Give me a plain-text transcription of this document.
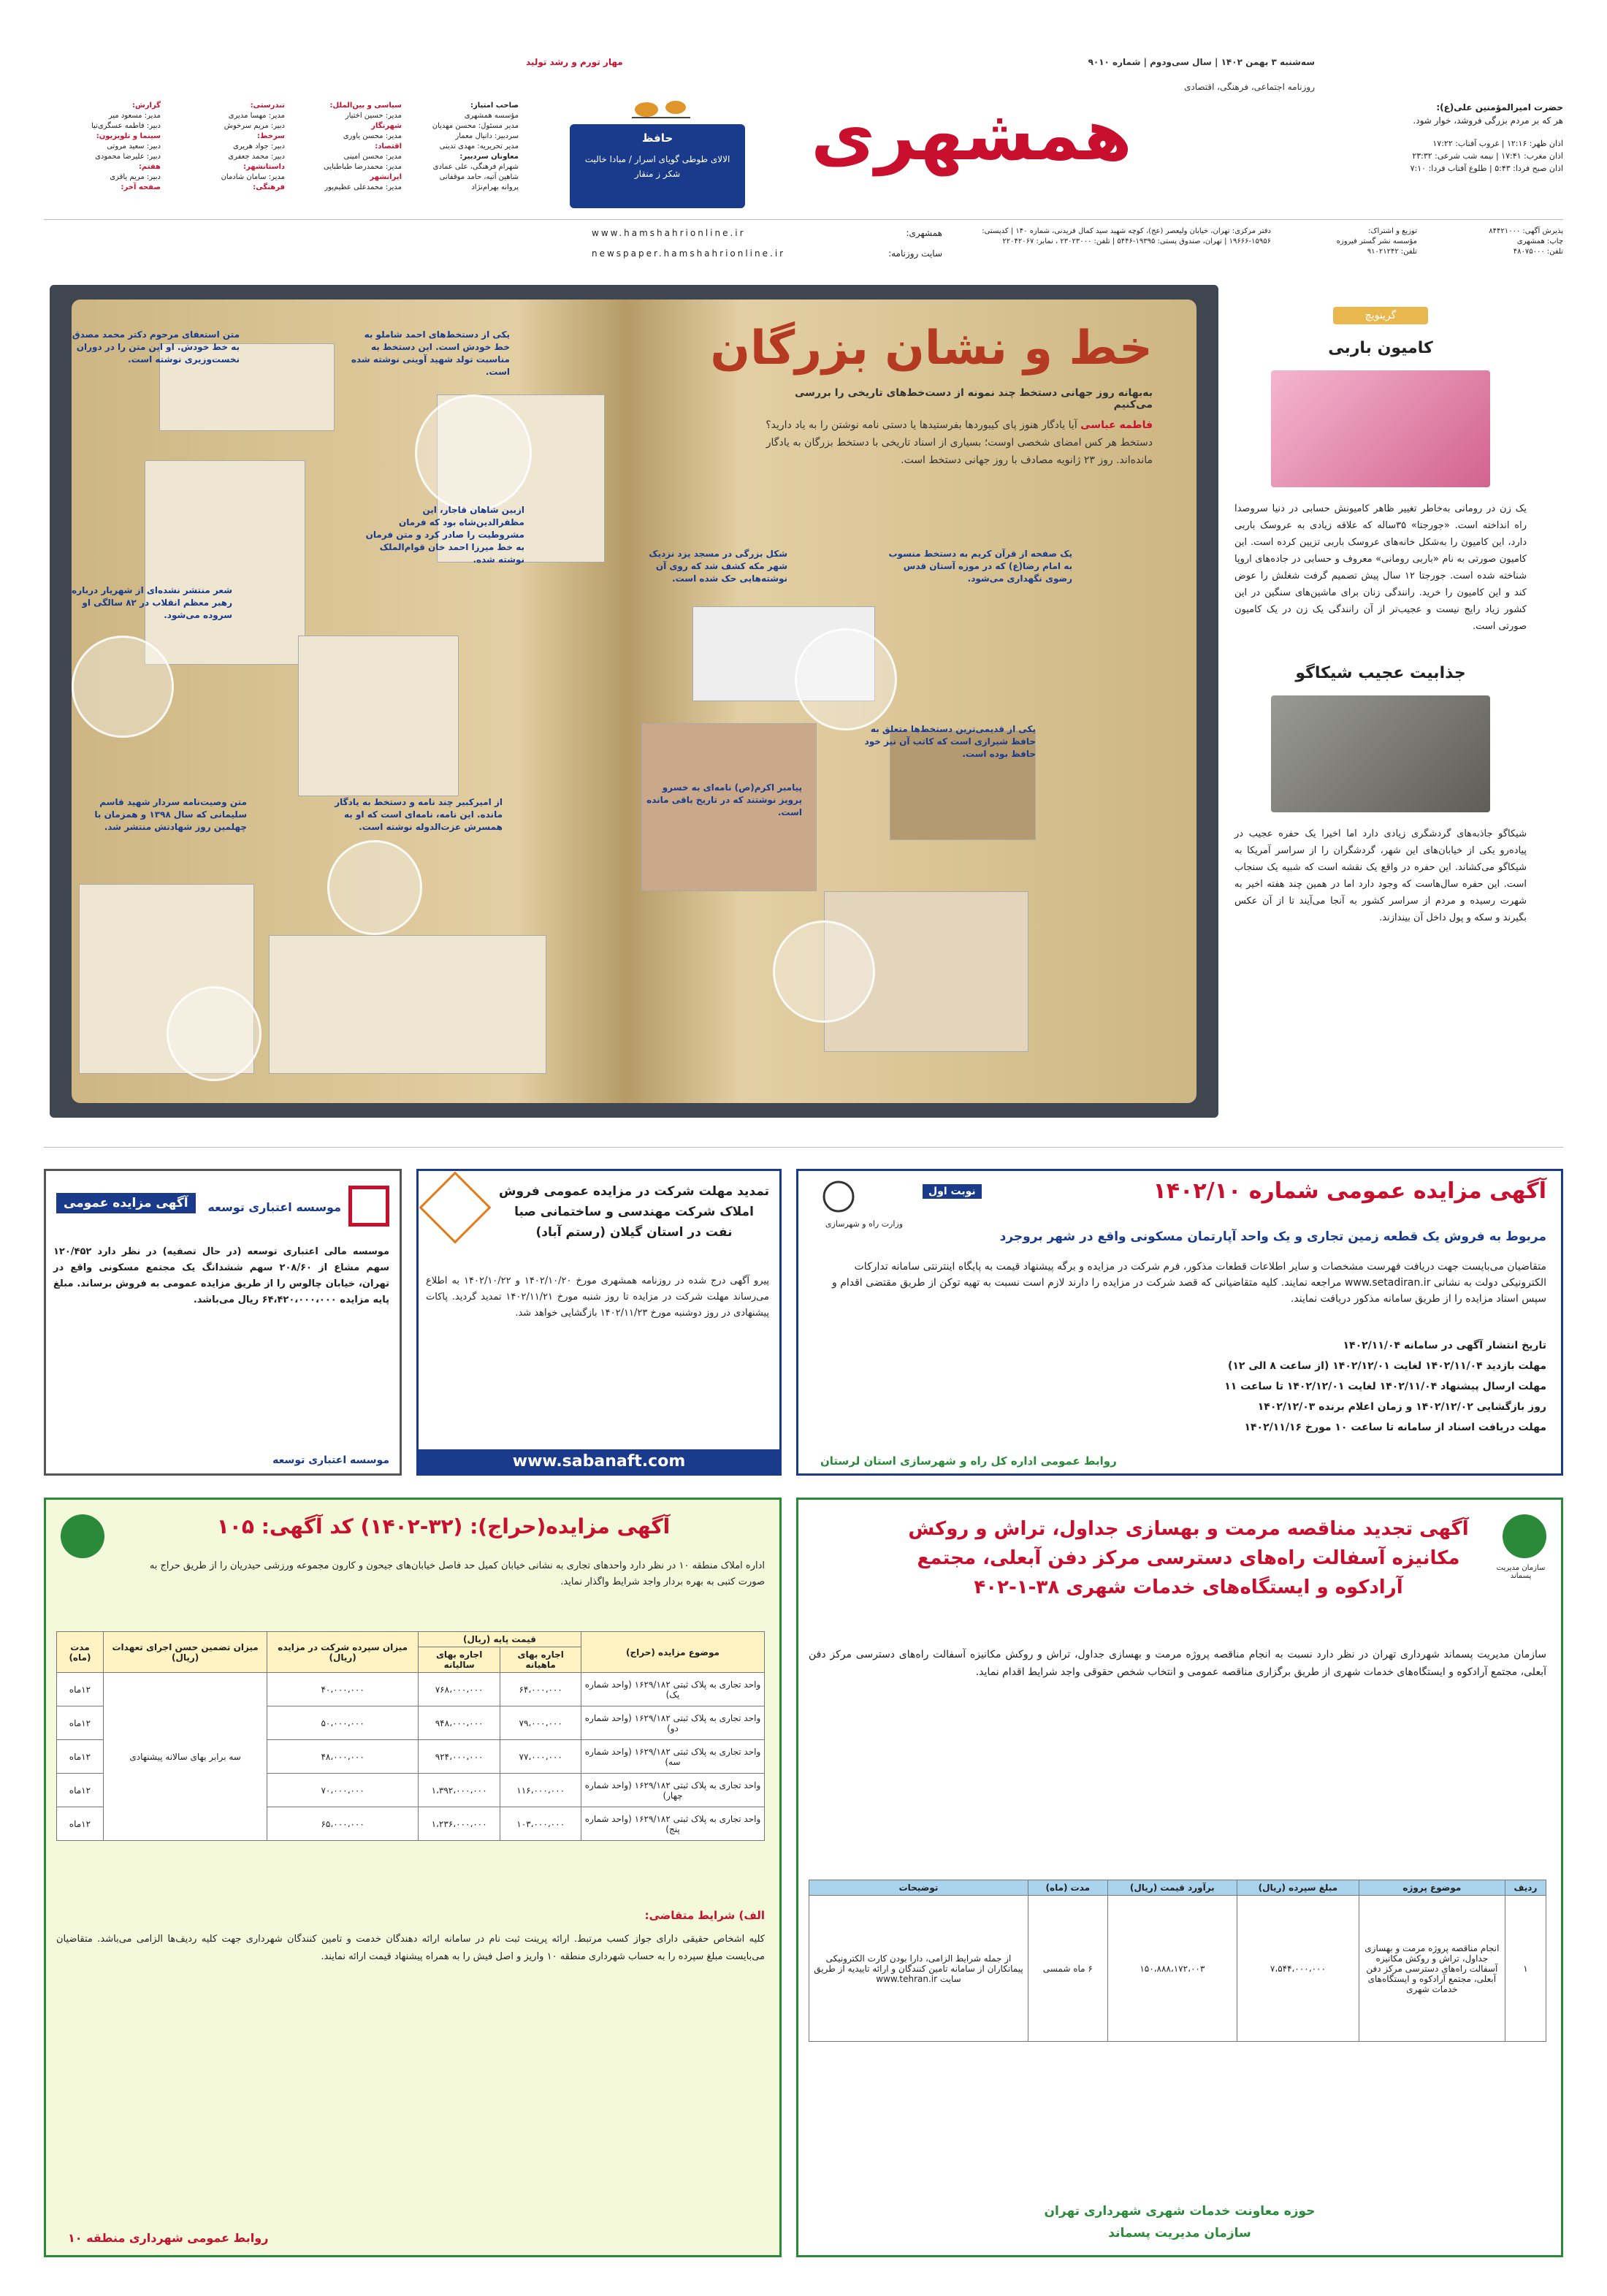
روزنامه اجتماعی، فرهنگی، اقتصادی
سه‌شنبه ۳ بهمن ۱۴۰۲ | سال سی‌ودوم | شماره ۹۰۱۰
مهار تورم و رشد تولید
همشهری
حافظ
الالای طوطی گویای اسرار / مبادا خالیت شکر ز منقار
حضرت امیرالمؤمنین علی(ع):
هر که بر مردم بزرگی فروشد، خوار شود.
اذان ظهر: ۱۲:۱۶ | غروب آفتاب: ۱۷:۲۲
اذان مغرب: ۱۷:۴۱ | نیمه شب شرعی: ۲۳:۳۲
اذان صبح فردا: ۵:۴۳ | طلوع آفتاب فردا: ۷:۱۰
صاحب امتیاز:
مؤسسه همشهری
مدیر مسئول: محسن مهدیان
سردبیر: دانیال معمار
مدیر تحریریه: مهدی تدینی
معاونان سردبیر:
شهرام فرهنگی، علی عمادی
شاهین آتیه، حامد موقفانی
پروانه بهرام‌نژاد
سیاسی و بین‌الملل:
مدیر: حسین اختیار
شهرنگار
مدیر: محسن یاوری
اقتصاد:
مدیر: محسن امینی
مدیر: محمدرضا طباطبایی
ایرانشهر
مدیر: محمدعلی عظیم‌پور
تندرستی:
مدیر: مهسا مدیری
دبیر: مریم سرخوش
سرخط:
دبیر: جواد هریری
دبیر: محمد جعفری
داستانشهر:
مدیر: سامان شادمان
فرهنگی:
گزارش:
مدیر: مسعود میر
دبیر: فاطمه عسگری‌نیا
سینما و تلویزیون:
دبیر: سعید مروتی
دبیر: علیرضا محمودی
هفتم:
دبیر: مریم یاقری
صفحه آخر:
پذیرش آگهی: ۸۴۴۲۱۰۰۰
چاپ: همشهری
تلفن: ۴۸۰۷۵۰۰۰
توزیع و اشتراک:
مؤسسه نشر گستر فیروزه
تلفن: ۹۱۰۲۱۲۴۲
دفتر مرکزی: تهران، خیابان ولیعصر (عج)، کوچه شهید سید کمال فریدنی، شماره ۱۴۰ | کدپستی: ۱۵۹۵۶-۱۹۶۶۶ | تهران، صندوق پستی: ۱۹۳۹۵-۵۴۴۶ | تلفن: ۲۳۰۲۳۰۰۰ ، نمابر: ۲۲۰۴۲۰۶۷
همشهری:
www.hamshahrionline.ir
سایت روزنامه:
newspaper.hamshahrionline.ir
خط و نشان بزرگان
به‌بهانه روز جهانی دستخط چند نمونه از دست‌خط‌های تاریخی را بررسی می‌کنیم
فاطمه عباسی آیا یادگار هنوز پای کیبورد‌ها بفرستید‌ها یا دستی نامه نوشتن را به یاد دارید؟ دستخط هر کس امضای شخصی اوست؛ بسیاری از اسناد تاریخی با دستخط بزرگان به یادگار مانده‌اند. روز ۲۳ ژانویه مصادف با روز جهانی دستخط است.
متن استعفای مرحوم دکتر محمد مصدق به خط خودش. او این متن را در دوران نخست‌وزیری نوشته است.
یکی از دستخط‌های احمد شاملو به خط خودش است. این دستخط به مناسبت تولد شهید آوینی نوشته شده است.
ازبین شاهان قاجار، این مظفرالدین‌شاه بود که فرمان مشروطیت را صادر کرد و متن فرمان به خط میرزا احمد خان قوام‌الملک نوشته شده.
شعر منتشر نشده‌ای از شهریار درباره رهبر معظم انقلاب در ۸۲ سالگی او سروده می‌شود.
متن وصیت‌نامه سردار شهید قاسم سلیمانی که سال ۱۳۹۸ و همزمان با چهلمین روز شهادتش منتشر شد.
شکل بزرگی در مسجد یزد نزدیک شهر مکه کشف شد که روی آن نوشته‌هایی حک شده است.
یک صفحه از قرآن کریم به دستخط منسوب به امام رضا(ع) که در موزه آستان قدس رضوی نگهداری می‌شود.
پیامبر اکرم(ص) نامه‌ای به خسرو پرویز نوشتند که در تاریخ باقی مانده است.
از امیرکبیر چند نامه و دستخط به یادگار مانده. این نامه، نامه‌ای است که او به همسرش عزت‌الدوله نوشته است.
یکی از قدیمی‌ترین دستخط‌ها متعلق به حافظ شیرازی است که کاتب آن نیز خود حافظ بوده است.
گرینویچ
کامیون باربی
یک زن در رومانی به‌خاطر تغییر ظاهر کامیونش حسابی در دنیا سروصدا راه انداخته است. «جورجتا» ۳۵ساله که علاقه زیادی به عروسک باربی دارد، این کامیون را به‌شکل خانه‌های عروسک باربی تزیین کرده است. این کامیون صورتی به نام «باربی رومانی» معروف و حسابی در جاده‌های اروپا شناخته شده است. جورجتا ۱۲ سال پیش تصمیم گرفت شغلش را عوض کند و این کامیون را خرید. رانندگی زنان برای ماشین‌های سنگین در این کشور زیاد رایج نیست و عجیب‌تر از آن رانندگی یک زن در یک کامیون صورتی است.
جذابیت عجیب شیکاگو
شیکاگو جاذبه‌های گردشگری زیادی دارد اما اخیرا یک حفره عجیب در پیاده‌رو یکی از خیابان‌های این شهر، گردشگران را از سراسر آمریکا به شیکاگو می‌کشاند. این حفره در واقع یک نقشه است که شبیه یک سنجاب است. این حفره سال‌هاست که وجود دارد اما در همین چند هفته اخیر به شهرت رسیده و مردم از سراسر کشور به آنجا می‌آیند تا از آن عکس بگیرند و سکه و پول داخل آن بیندازند.
آگهی مزایده عمومی شماره ۱۴۰۲/۱۰
نوبت اول
وزارت راه و شهرسازی
مربوط به فروش یک قطعه زمین تجاری و یک واحد آپارتمان مسکونی واقع در شهر بروجرد
متقاضیان می‌بایست جهت دریافت فهرست مشخصات و سایر اطلاعات قطعات مذکور، فرم شرکت در مزایده و برگه پیشنهاد قیمت به پایگاه اینترنتی سامانه تدارکات الکترونیکی دولت به نشانی www.setadiran.ir مراجعه نمایند. کلیه متقاضیانی که قصد شرکت در مزایده را دارند لازم است نسبت به تهیه توکن از طریق مقتضی اقدام و سپس اسناد مزایده را از طریق سامانه مذکور دریافت نمایند.
تاریخ انتشار آگهی در سامانه ۱۴۰۲/۱۱/۰۴
مهلت بازدید ۱۴۰۲/۱۱/۰۴ لغایت ۱۴۰۲/۱۲/۰۱ (از ساعت ۸ الی ۱۲)
مهلت ارسال پیشنهاد ۱۴۰۲/۱۱/۰۴ لغایت ۱۴۰۲/۱۲/۰۱ تا ساعت ۱۱
روز بازگشایی ۱۴۰۲/۱۲/۰۲ و زمان اعلام برنده ۱۴۰۲/۱۲/۰۳
مهلت دریافت اسناد از سامانه تا ساعت ۱۰ مورخ ۱۴۰۲/۱۱/۱۶
روابط عمومی اداره کل راه و شهرسازی استان لرستان
تمدید مهلت شرکت در مزایده عمومی فروش املاک شرکت مهندسی و ساختمانی صبا نفت در استان گیلان (رستم آباد)
پیرو آگهی درج شده در روزنامه همشهری مورخ ۱۴۰۲/۱۰/۲۰ و ۱۴۰۲/۱۰/۲۲ به اطلاع می‌رساند مهلت شرکت در مزایده تا روز شنبه مورخ ۱۴۰۲/۱۱/۲۱ تمدید گردید. پاکات پیشنهادی در روز دوشنبه مورخ ۱۴۰۲/۱۱/۲۳ بازگشایی خواهد شد.
www.sabanaft.com
آگهی مزایده عمومی	موسسه اعتباری توسعه
موسسه مالی اعتباری توسعه (در حال تصفیه) در نظر دارد ۱۲۰/۴۵۲ سهم مشاع از ۲۰۸/۶۰ سهم ششدانگ یک مجتمع مسکونی واقع در تهران، خیابان چالوس را از طریق مزایده عمومی به فروش برساند. مبلغ پایه مزایده ۶۴،۴۲۰،۰۰۰،۰۰۰ ریال می‌باشد.
موسسه اعتباری توسعه
سازمان مدیریت پسماند
آگهی تجدید مناقصه مرمت و بهسازی جداول، تراش و روکش مکانیزه آسفالت راه‌های دسترسی مرکز دفن آبعلی، مجتمع آرادکوه و ایستگاه‌های خدمات شهری ۳۸-۱-۴۰۲
سازمان مدیریت پسماند شهرداری تهران در نظر دارد نسبت به انجام مناقصه پروژه مرمت و بهسازی جداول، تراش و روکش مکانیزه آسفالت راه‌های دسترسی مرکز دفن آبعلی، مجتمع آرادکوه و ایستگاه‌های خدمات شهری از طریق برگزاری مناقصه عمومی و انتخاب شخص حقوقی واجد شرایط اقدام نماید.
ردیف	موضوع پروژه	مبلغ سپرده (ریال)	برآورد قیمت (ریال)	مدت (ماه)	توضیحات
۱	انجام مناقصه پروژه مرمت و بهسازی جداول، تراش و روکش مکانیزه آسفالت راه‌های دسترسی مرکز دفن آبعلی، مجتمع آرادکوه و ایستگاه‌های خدمات شهری	۷،۵۴۴،۰۰۰،۰۰۰	۱۵۰،۸۸۸،۱۷۲،۰۰۳	۶ ماه شمسی	از جمله شرایط الزامی، دارا بودن کارت الکترونیکی پیمانکاران از سامانه تامین کنندگان و ارائه تاییدیه از طریق سایت www.tehran.ir
حوزه معاونت خدمات شهری شهرداری تهران
سازمان مدیریت پسماند
آگهی مزایده(حراج): (۳۲-۱۴۰۲) کد آگهی: ۱۰۵
اداره املاک منطقه ۱۰ در نظر دارد واحدهای تجاری به نشانی خیابان کمیل حد فاصل خیابان‌های جیحون و کارون مجموعه ورزشی حیدریان را از طریق حراج به صورت کتبی به بهره بردار واجد شرایط واگذار نماید.
موضوع مزایده (حراج)	قیمت پایه (ریال)		میزان سپرده شرکت در مزایده (ریال)	میزان تضمین حسن اجرای تعهدات (ریال)	مدت (ماه)
	اجاره بهای ماهیانه	اجاره بهای سالیانه			
واحد تجاری به پلاک ثبتی ۱۶۲۹/۱۸۲ (واحد شماره یک)	۶۴،۰۰۰،۰۰۰	۷۶۸،۰۰۰،۰۰۰	۴۰،۰۰۰،۰۰۰	سه برابر بهای سالانه پیشنهادی	۱۲ماه
واحد تجاری به پلاک ثبتی ۱۶۲۹/۱۸۲ (واحد شماره دو)	۷۹،۰۰۰،۰۰۰	۹۴۸،۰۰۰،۰۰۰	۵۰،۰۰۰،۰۰۰		۱۲ماه
واحد تجاری به پلاک ثبتی ۱۶۲۹/۱۸۲ (واحد شماره سه)	۷۷،۰۰۰،۰۰۰	۹۲۴،۰۰۰،۰۰۰	۴۸،۰۰۰،۰۰۰		۱۲ماه
واحد تجاری به پلاک ثبتی ۱۶۲۹/۱۸۲ (واحد شماره چهار)	۱۱۶،۰۰۰،۰۰۰	۱،۳۹۲،۰۰۰،۰۰۰	۷۰،۰۰۰،۰۰۰		۱۲ماه
واحد تجاری به پلاک ثبتی ۱۶۲۹/۱۸۲ (واحد شماره پنج)	۱۰۳،۰۰۰،۰۰۰	۱،۲۳۶،۰۰۰،۰۰۰	۶۵،۰۰۰،۰۰۰		۱۲ماه
الف) شرایط متقاضی:
کلیه اشخاص حقیقی دارای جواز کسب مرتبط. ارائه پرینت ثبت نام در سامانه ارائه دهندگان خدمت و تامین کنندگان شهرداری جهت کلیه ردیف‌ها الزامی می‌باشد. متقاضیان می‌بایست مبلغ سپرده را به حساب شهرداری منطقه ۱۰ واریز و اصل فیش را به همراه پیشنهاد قیمت ارائه نمایند.
روابط عمومی شهرداری منطقه ۱۰
